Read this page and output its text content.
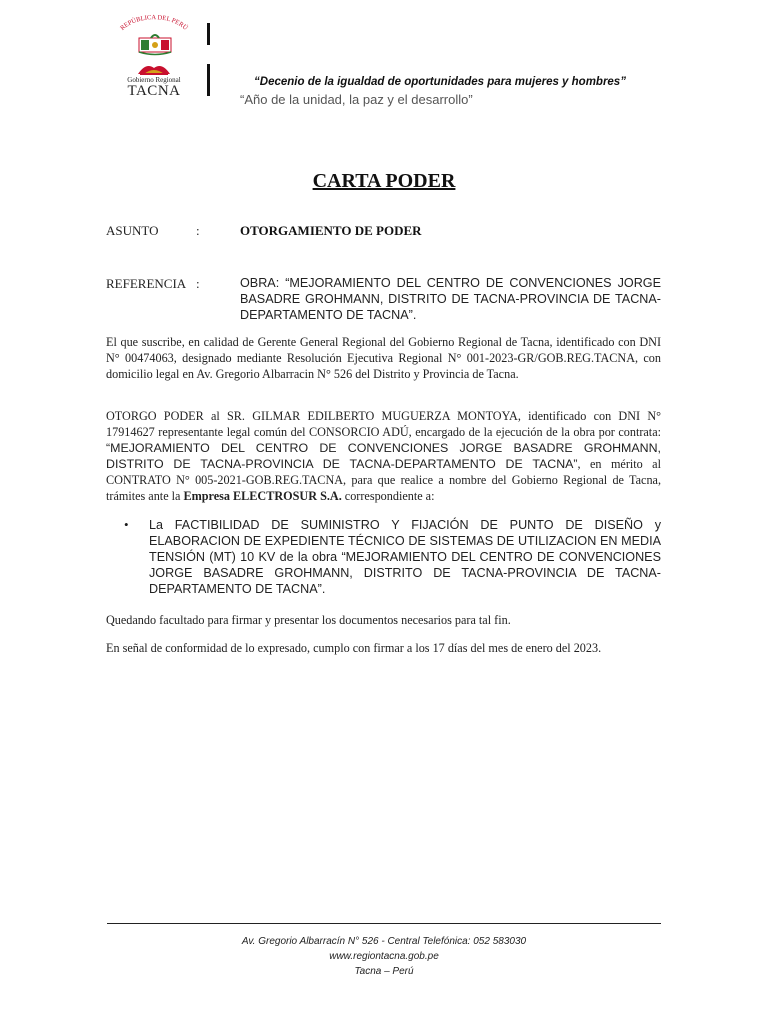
REPÚBLICA DEL PERÚ
Gobierno Regional
TACNA
“Decenio de la igualdad de oportunidades para mujeres y hombres”
“Año de la unidad, la paz y el desarrollo”
CARTA PODER
ASUNTO	:	OTORGAMIENTO DE PODER
REFERENCIA :	OBRA: “MEJORAMIENTO DEL CENTRO DE CONVENCIONES JORGE BASADRE GROHMANN, DISTRITO DE TACNA-PROVINCIA DE TACNA-DEPARTAMENTO DE TACNA”.
El que suscribe, en calidad de Gerente General Regional del Gobierno Regional de Tacna, identificado con DNI N° 00474063, designado mediante Resolución Ejecutiva Regional N° 001-2023-GR/GOB.REG.TACNA, con domicilio legal en Av. Gregorio Albarracin N° 526 del Distrito y Provincia de Tacna.
OTORGO PODER al SR. GILMAR EDILBERTO MUGUERZA MONTOYA, identificado con DNI N° 17914627 representante legal común del CONSORCIO ADÚ, encargado de la ejecución de la obra por contrata: “MEJORAMIENTO DEL CENTRO DE CONVENCIONES JORGE BASADRE GROHMANN, DISTRITO DE TACNA-PROVINCIA DE TACNA-DEPARTAMENTO DE TACNA”, en mérito al CONTRATO N° 005-2021-GOB.REG.TACNA, para que realice a nombre del Gobierno Regional de Tacna, trámites ante la Empresa ELECTROSUR S.A. correspondiente a:
• La FACTIBILIDAD DE SUMINISTRO Y FIJACIÓN DE PUNTO DE DISEÑO y ELABORACION DE EXPEDIENTE TÉCNICO DE SISTEMAS DE UTILIZACION EN MEDIA TENSIÓN (MT) 10 KV de la obra “MEJORAMIENTO DEL CENTRO DE CONVENCIONES JORGE BASADRE GROHMANN, DISTRITO DE TACNA-PROVINCIA DE TACNA-DEPARTAMENTO DE TACNA”.
Quedando facultado para firmar y presentar los documentos necesarios para tal fin.
En señal de conformidad de lo expresado, cumplo con firmar a los 17 días del mes de enero del 2023.
Av. Gregorio Albarracín N° 526 - Central Telefónica: 052 583030
www.regiontacna.gob.pe
Tacna – Perú
